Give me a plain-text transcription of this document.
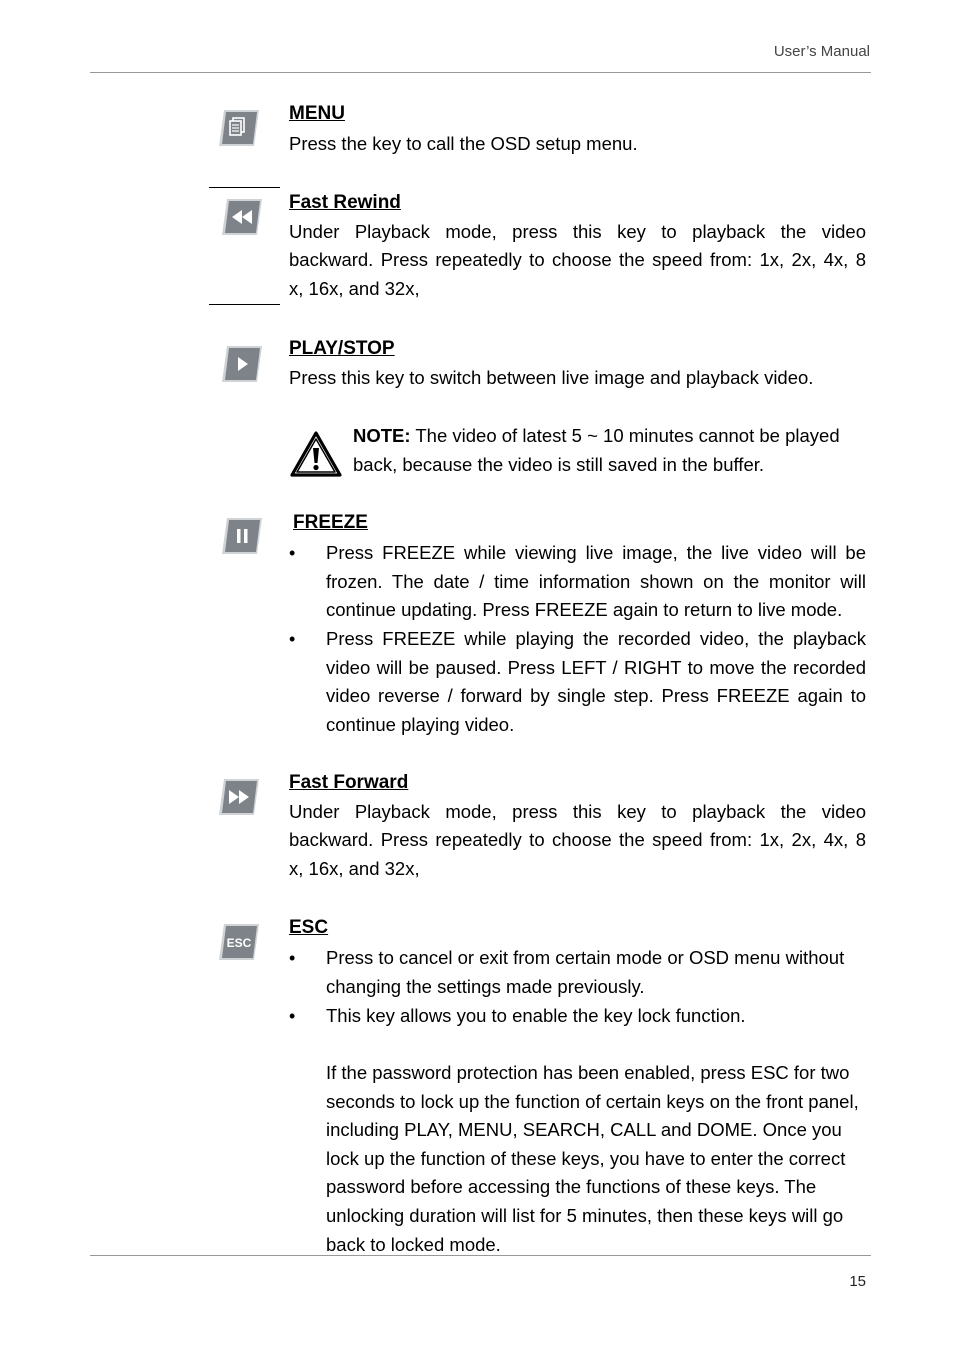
User’s Manual
MENU
Press the key to call the OSD setup menu.
Fast Rewind
Under Playback mode, press this key to playback the video
backward. Press repeatedly to choose the speed from: 1x, 2x, 4x, 8
x, 16x, and 32x,
PLAY/STOP
Press this key to switch between live image and playback video.
NOTE: The video of latest 5 ~ 10 minutes cannot be played back, because the video is still saved in the buffer.
FREEZE
• Press FREEZE while viewing live image, the live video will be frozen. The date / time information shown on the monitor will continue updating. Press FREEZE again to return to live mode.
• Press FREEZE while playing the recorded video, the playback video will be paused. Press LEFT / RIGHT to move the recorded video reverse / forward by single step. Press FREEZE again to continue playing video.
Fast Forward
Under Playback mode, press this key to playback the video
backward. Press repeatedly to choose the speed from: 1x, 2x, 4x, 8
x, 16x, and 32x,
ESC
ESC
• Press to cancel or exit from certain mode or OSD menu without changing the settings made previously.
• This key allows you to enable the key lock function.
If the password protection has been enabled, press ESC for two seconds to lock up the function of certain keys on the front panel, including PLAY, MENU, SEARCH, CALL and DOME. Once you lock up the function of these keys, you have to enter the correct password before accessing the functions of these keys. The unlocking duration will list for 5 minutes, then these keys will go back to locked mode.
15
